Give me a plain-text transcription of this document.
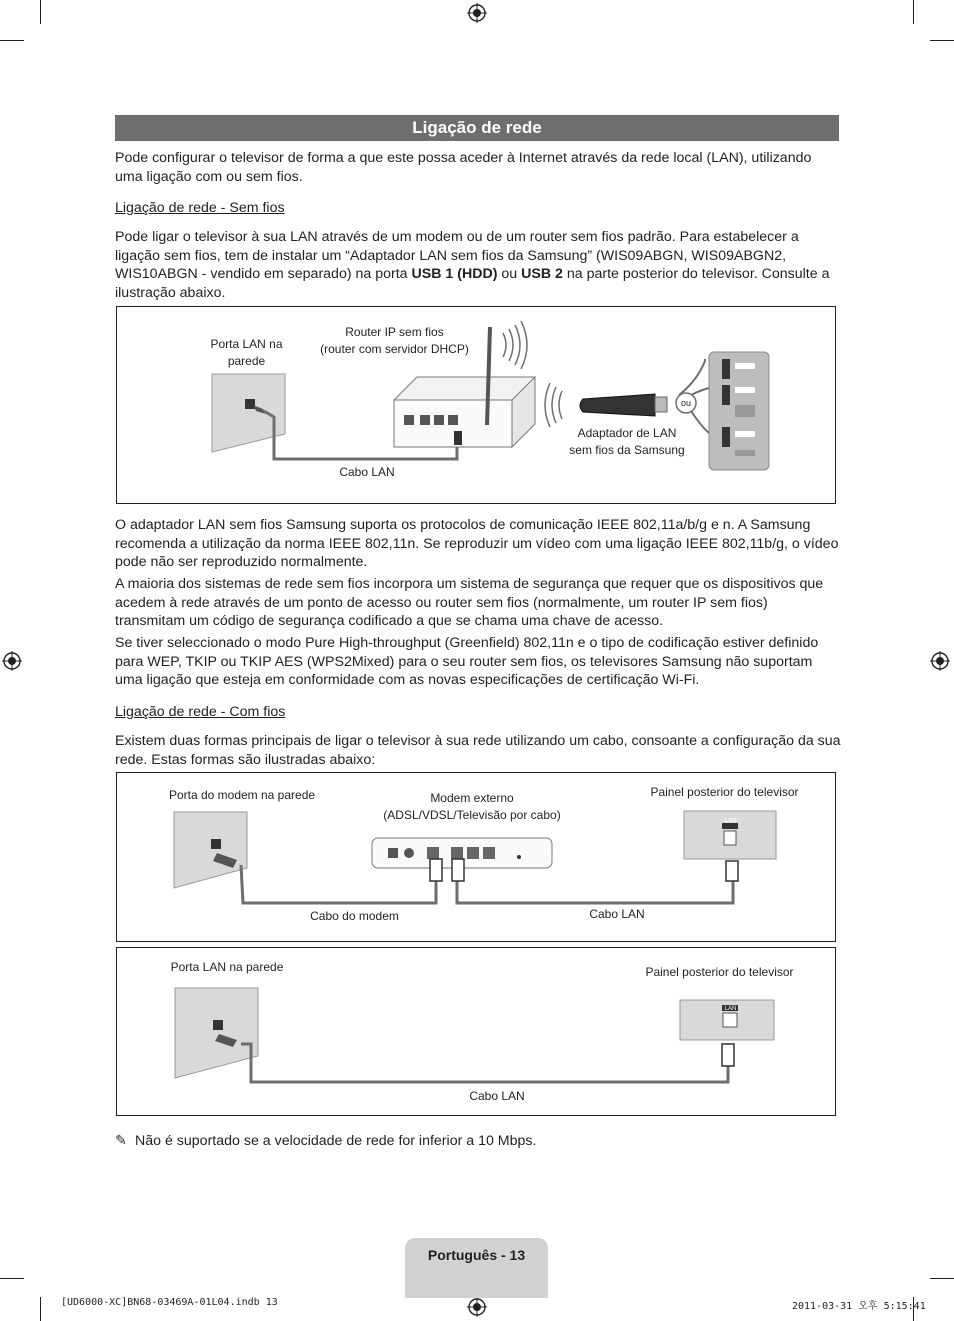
Ligação de rede

Pode configurar o televisor de forma a que este possa aceder à Internet através da rede local (LAN), utilizando uma ligação com ou sem fios.

Ligação de rede - Sem fios

Pode ligar o televisor à sua LAN através de um modem ou de um router sem fios padrão. Para estabelecer a ligação sem fios, tem de instalar um “Adaptador LAN sem fios da Samsung” (WIS09ABGN, WIS09ABGN2, WIS10ABGN - vendido em separado) na porta USB 1 (HDD) ou USB 2 na parte posterior do televisor. Consulte a ilustração abaixo.

Porta LAN na
parede
Router IP sem fios
(router com servidor DHCP)
Cabo LAN
Adaptador de LAN
sem fios da Samsung
ou

O adaptador LAN sem fios Samsung suporta os protocolos de comunicação IEEE 802,11a/b/g e n. A Samsung recomenda a utilização da norma IEEE 802,11n. Se reproduzir um vídeo com uma ligação IEEE 802,11b/g, o vídeo pode não ser reproduzido normalmente.

A maioria dos sistemas de rede sem fios incorpora um sistema de segurança que requer que os dispositivos que acedem à rede através de um ponto de acesso ou router sem fios (normalmente, um router IP sem fios) transmitam um código de segurança codificado a que se chama uma chave de acesso.

Se tiver seleccionado o modo Pure High-throughput (Greenfield) 802,11n e o tipo de codificação estiver definido para WEP, TKIP ou TKIP AES (WPS2Mixed) para o seu router sem fios, os televisores Samsung não suportam uma ligação que esteja em conformidade com as novas especificações de certificação Wi-Fi.

Ligação de rede - Com fios

Existem duas formas principais de ligar o televisor à sua rede utilizando um cabo, consoante a configuração da sua rede. Estas formas são ilustradas abaixo:

Porta do modem na parede	Modem externo
(ADSL/VDSL/Televisão por cabo)
Painel posterior do televisor
Cabo do modem	Cabo LAN
LAN
Porta LAN na parede	Painel posterior do televisor
Cabo LAN
LAN
✎ Não é suportado se a velocidade de rede for inferior a 10 Mbps.
Português - 13
[UD6000-XC]BN68-03469A-01L04.indb 13	2011-03-31 오후 5:15:41
